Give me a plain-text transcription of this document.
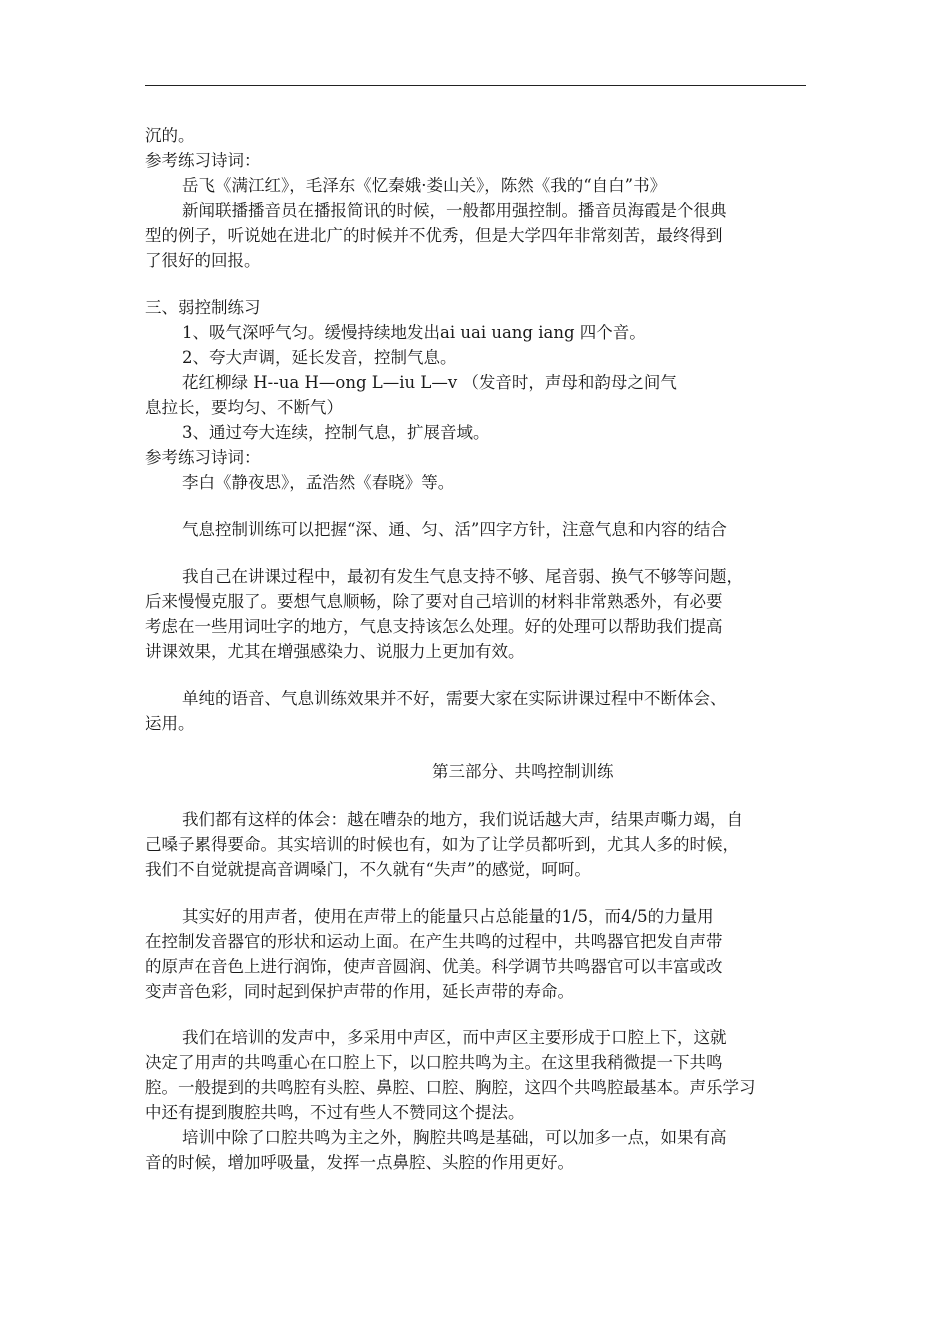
沉的。
参考练习诗词：
岳飞《满江红》，毛泽东《忆秦娥·娄山关》，陈然《我的“自白”书》
新闻联播播音员在播报简讯的时候，一般都用强控制。播音员海霞是个很典
型的例子，听说她在进北广的时候并不优秀，但是大学四年非常刻苦，最终得到
了很好的回报。
三、弱控制练习
1、吸气深呼气匀。缓慢持续地发出ai uai uang iang 四个音。
2、夸大声调，延长发音，控制气息。
花红柳绿 H--ua H—ong L—iu L—v （发音时，声母和韵母之间气
息拉长，要均匀、不断气）
3、通过夸大连续，控制气息，扩展音域。
参考练习诗词：
李白《静夜思》，孟浩然《春晓》等。
气息控制训练可以把握“深、通、匀、活”四字方针，注意气息和内容的结合
我自己在讲课过程中，最初有发生气息支持不够、尾音弱、换气不够等问题，
后来慢慢克服了。要想气息顺畅，除了要对自己培训的材料非常熟悉外，有必要
考虑在一些用词吐字的地方，气息支持该怎么处理。好的处理可以帮助我们提高
讲课效果，尤其在增强感染力、说服力上更加有效。
单纯的语音、气息训练效果并不好，需要大家在实际讲课过程中不断体会、
运用。
第三部分、共鸣控制训练
我们都有这样的体会：越在嘈杂的地方，我们说话越大声，结果声嘶力竭，自
己嗓子累得要命。其实培训的时候也有，如为了让学员都听到，尤其人多的时候，
我们不自觉就提高音调嗓门，不久就有“失声”的感觉，呵呵。
其实好的用声者，使用在声带上的能量只占总能量的1/5，而4/5的力量用
在控制发音器官的形状和运动上面。在产生共鸣的过程中，共鸣器官把发自声带
的原声在音色上进行润饰，使声音圆润、优美。科学调节共鸣器官可以丰富或改
变声音色彩，同时起到保护声带的作用，延长声带的寿命。
我们在培训的发声中，多采用中声区，而中声区主要形成于口腔上下，这就
决定了用声的共鸣重心在口腔上下，以口腔共鸣为主。在这里我稍微提一下共鸣
腔。一般提到的共鸣腔有头腔、鼻腔、口腔、胸腔，这四个共鸣腔最基本。声乐学习
中还有提到腹腔共鸣，不过有些人不赞同这个提法。
培训中除了口腔共鸣为主之外，胸腔共鸣是基础，可以加多一点，如果有高
音的时候，增加呼吸量，发挥一点鼻腔、头腔的作用更好。
